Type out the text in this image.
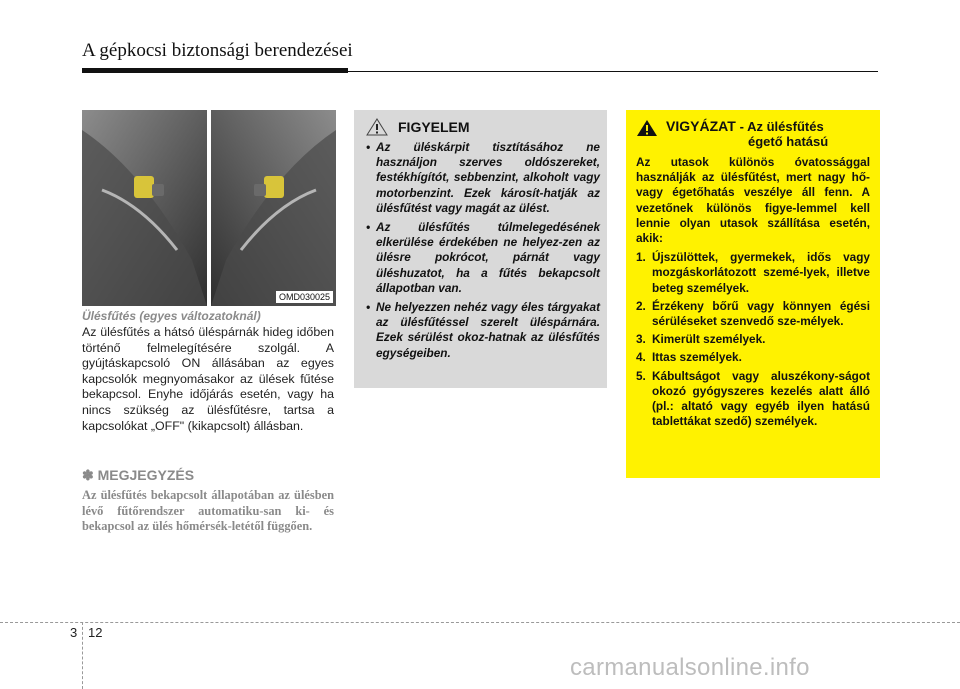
A gépkocsi biztonsági berendezései
OMD030025
Ülésfűtés (egyes változatoknál)
Az ülésfűtés a hátsó üléspárnák hideg időben történő felmelegítésére szolgál. A gyújtáskapcsoló ON állásában az egyes kapcsolók megnyomásakor az ülések fűtése bekapcsol. Enyhe időjárás esetén, vagy ha nincs szükség az ülésfűtésre, tartsa a kapcsolókat „OFF" (kikapcsolt) állásban.
✽ MEGJEGYZÉS
Az ülésfűtés bekapcsolt állapotában az ülésben lévő fűtőrendszer automatiku-san ki- és bekapcsol az ülés hőmérsék-letétől függően.
FIGYELEM
• Az üléskárpit tisztításához ne használjon szerves oldószereket, festékhígítót, sebbenzint, alkoholt vagy motorbenzint. Ezek károsít-hatják az ülésfűtést vagy magát az ülést.
• Az ülésfűtés túlmelegedésének elkerülése érdekében ne helyez-zen az ülésre pokrócot, párnát vagy üléshuzatot, ha a fűtés bekapcsolt állapotban van.
• Ne helyezzen nehéz vagy éles tárgyakat az ülésfűtéssel szerelt üléspárnára. Ezek sérülést okoz-hatnak az ülésfűtés egységeiben.
VIGYÁZAT - Az ülésfűtés
égető hatású
Az utasok különös óvatossággal használják az ülésfűtést, mert nagy hő- vagy égetőhatás veszélye áll fenn. A vezetőnek különös figye-lemmel kell lennie olyan utasok szállítása esetén, akik:
1. Újszülöttek, gyermekek, idős vagy mozgáskorlátozott szemé-lyek, illetve beteg személyek.
2. Érzékeny bőrű vagy könnyen égési sérüléseket szenvedő sze-mélyek.
3. Kimerült személyek.
4. Ittas személyek.
5. Kábultságot vagy aluszékony-ságot okozó gyógyszeres kezelés alatt álló (pl.: altató vagy egyéb ilyen hatású tablettákat szedő) személyek.
3 12
carmanualsonline.info
